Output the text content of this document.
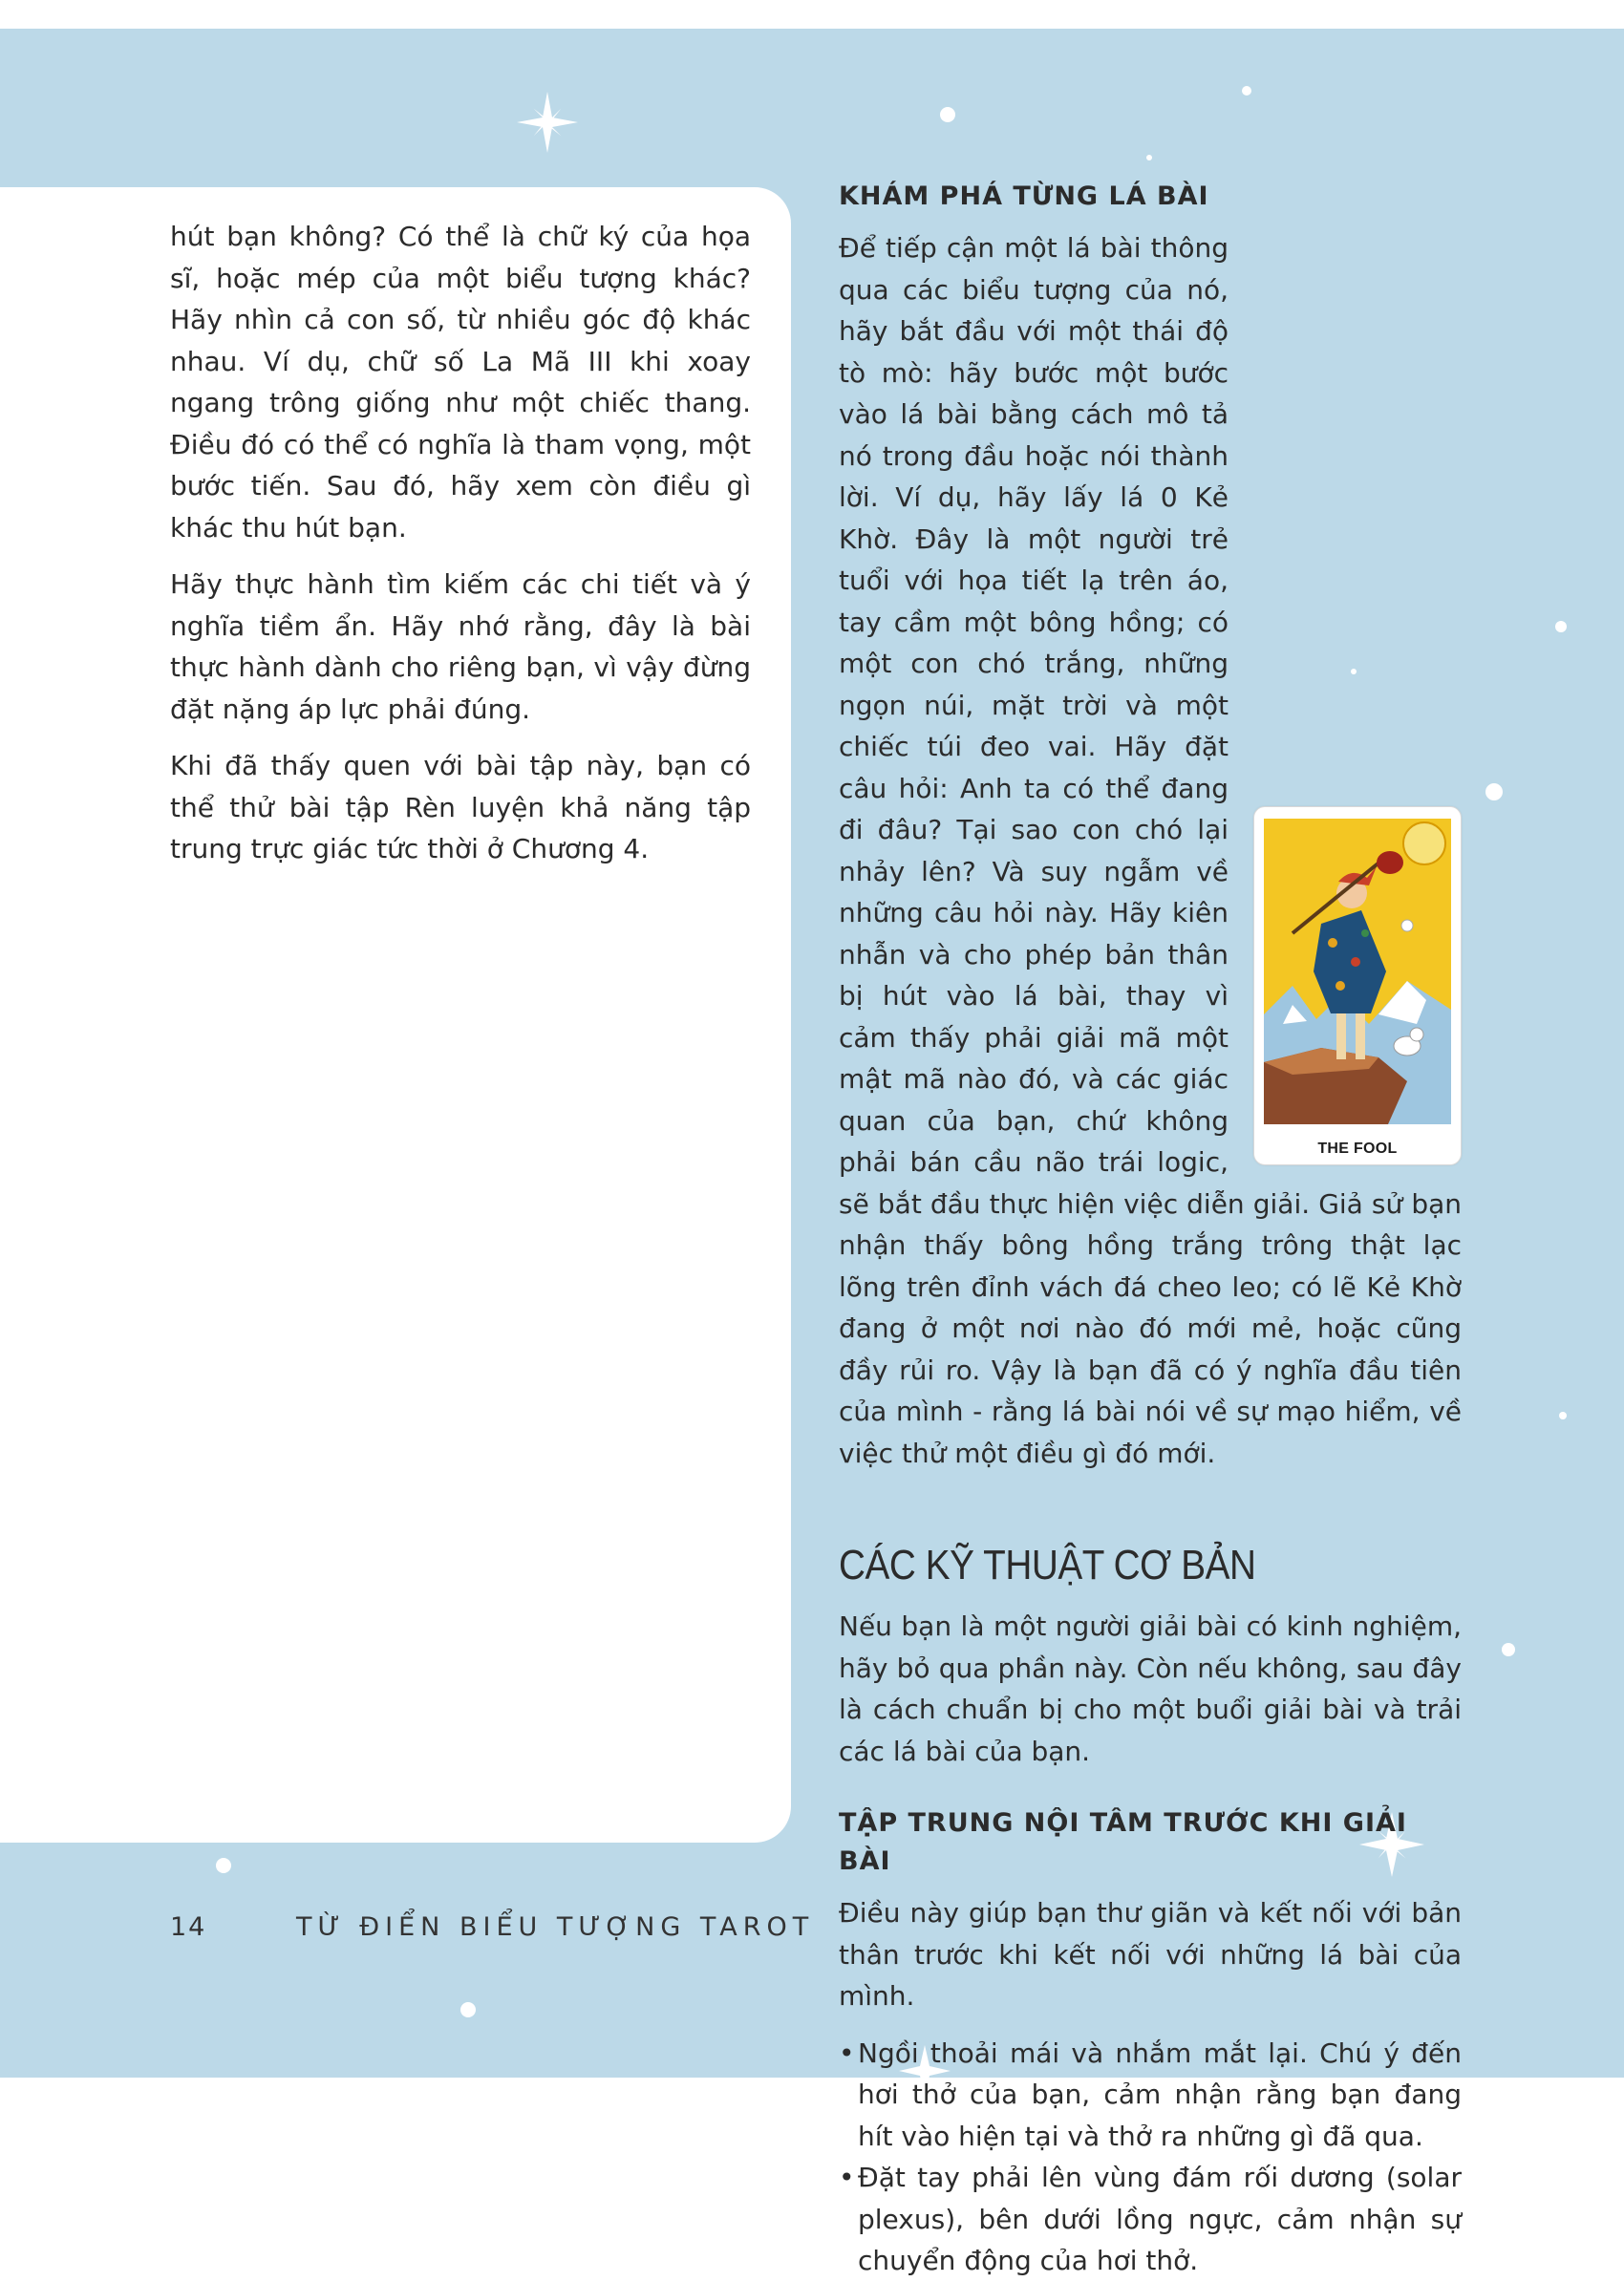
hút bạn không? Có thể là chữ ký của họa sĩ, hoặc mép của một biểu tượng khác? Hãy nhìn cả con số, từ nhiều góc độ khác nhau. Ví dụ, chữ số La Mã III khi xoay ngang trông giống như một chiếc thang. Điều đó có thể có nghĩa là tham vọng, một bước tiến. Sau đó, hãy xem còn điều gì khác thu hút bạn.

Hãy thực hành tìm kiếm các chi tiết và ý nghĩa tiềm ẩn. Hãy nhớ rằng, đây là bài thực hành dành cho riêng bạn, vì vậy đừng đặt nặng áp lực phải đúng.

Khi đã thấy quen với bài tập này, bạn có thể thử bài tập Rèn luyện khả năng tập trung trực giác tức thời ở Chương 4.

KHÁM PHÁ TỪNG LÁ BÀI
THE FOOL

Để tiếp cận một lá bài thông qua các biểu tượng của nó, hãy bắt đầu với một thái độ tò mò: hãy bước một bước vào lá bài bằng cách mô tả nó trong đầu hoặc nói thành lời. Ví dụ, hãy lấy lá 0 Kẻ Khờ. Đây là một người trẻ tuổi với họa tiết lạ trên áo, tay cầm một bông hồng; có một con chó trắng, những ngọn núi, mặt trời và một chiếc túi đeo vai. Hãy đặt câu hỏi: Anh ta có thể đang đi đâu? Tại sao con chó lại nhảy lên? Và suy ngẫm về những câu hỏi này. Hãy kiên nhẫn và cho phép bản thân bị hút vào lá bài, thay vì cảm thấy phải giải mã một mật mã nào đó, và các giác quan của bạn, chứ không phải bán cầu não trái logic, sẽ bắt đầu thực hiện việc diễn giải. Giả sử bạn nhận thấy bông hồng trắng trông thật lạc lõng trên đỉnh vách đá cheo leo; có lẽ Kẻ Khờ đang ở một nơi nào đó mới mẻ, hoặc cũng đầy rủi ro. Vậy là bạn đã có ý nghĩa đầu tiên của mình - rằng lá bài nói về sự mạo hiểm, về việc thử một điều gì đó mới.

CÁC KỸ THUẬT CƠ BẢN

Nếu bạn là một người giải bài có kinh nghiệm, hãy bỏ qua phần này. Còn nếu không, sau đây là cách chuẩn bị cho một buổi giải bài và trải các lá bài của bạn.

TẬP TRUNG NỘI TÂM TRƯỚC KHI GIẢI BÀI

Điều này giúp bạn thư giãn và kết nối với bản thân trước khi kết nối với những lá bài của mình.

• Ngồi thoải mái và nhắm mắt lại. Chú ý đến hơi thở của bạn, cảm nhận rằng bạn đang hít vào hiện tại và thở ra những gì đã qua.
• Đặt tay phải lên vùng đám rối dương (solar plexus), bên dưới lồng ngực, cảm nhận sự chuyển động của hơi thở.
14	TỪ ĐIỂN BIỂU TƯỢNG TAROT
